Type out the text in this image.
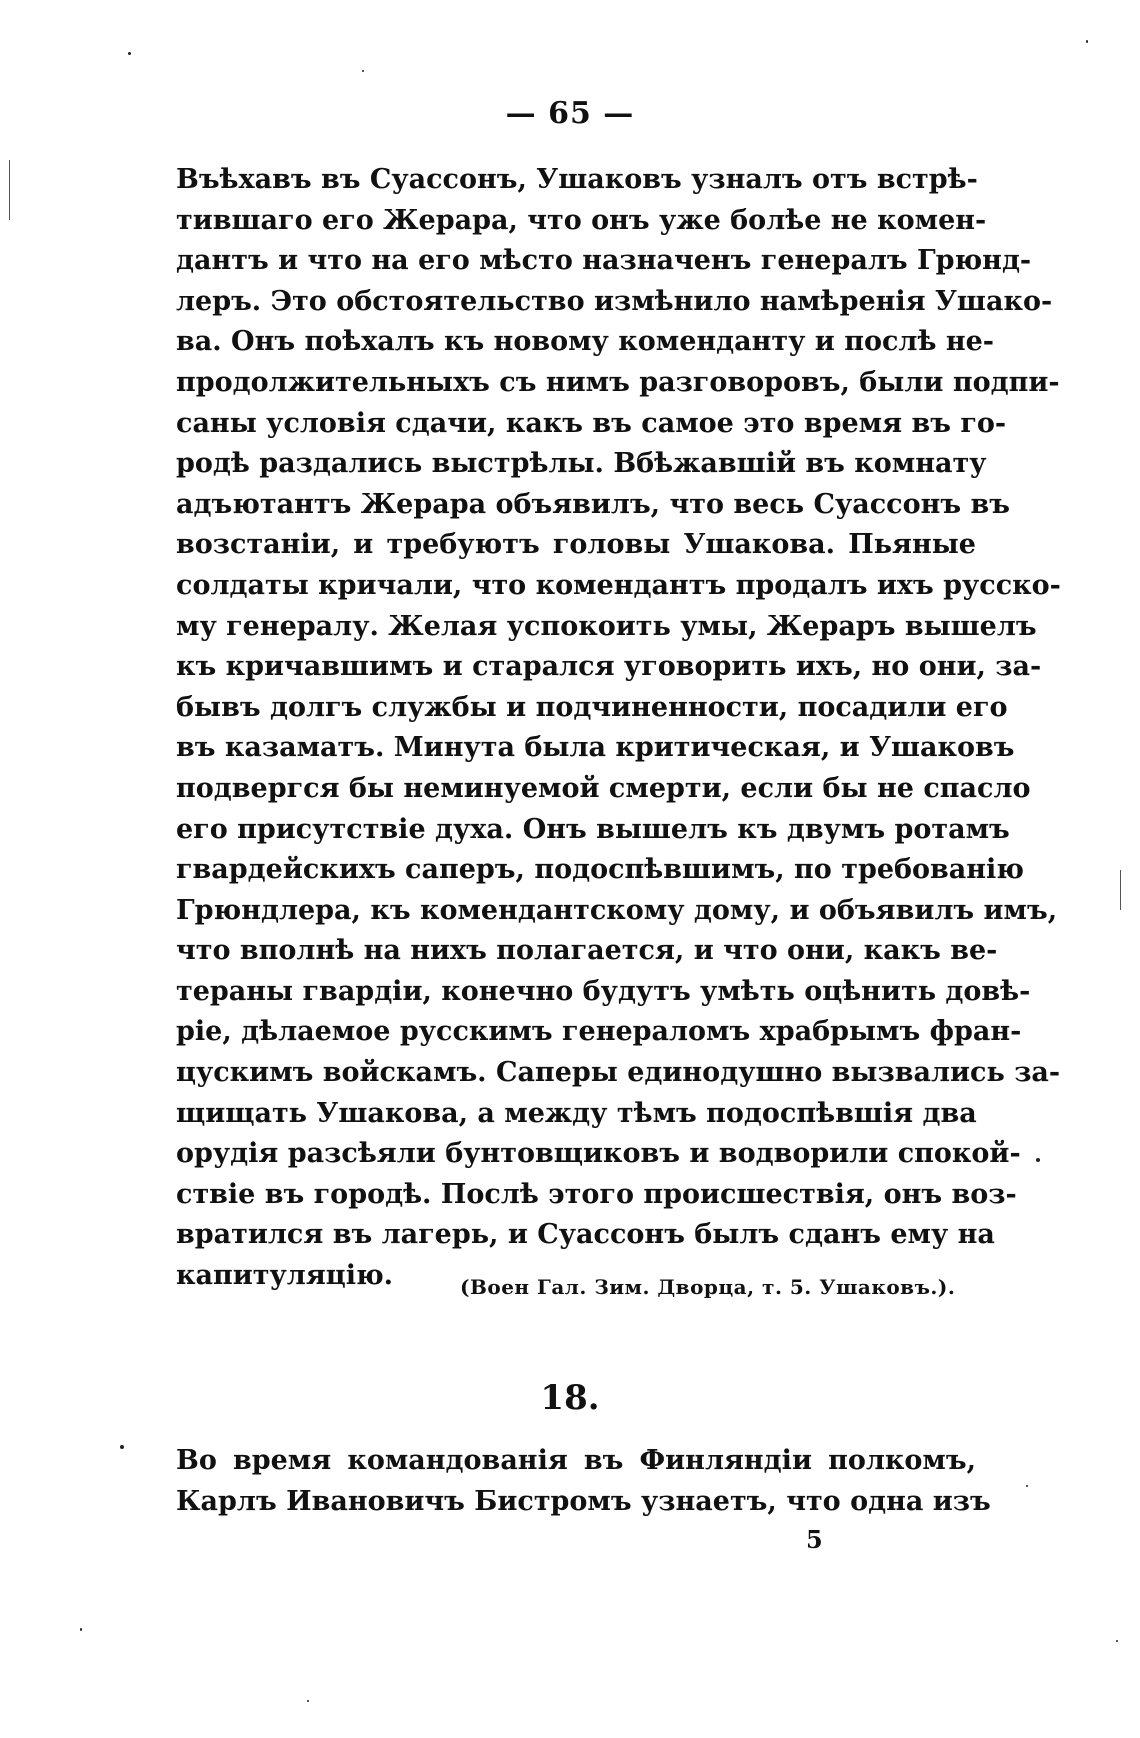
— 65 —
Въѣхавъ въ Суассонъ, Ушаковъ узналъ отъ встрѣ-
тившаго его Жерара, что онъ уже болѣе не комен-
дантъ и что на его мѣсто назначенъ генералъ Грюнд-
леръ. Это обстоятельство измѣнило намѣренія Ушако-
ва. Онъ поѣхалъ къ новому коменданту и послѣ не-
продолжительныхъ съ нимъ разговоровъ, были подпи-
саны условія сдачи, какъ въ самое это время въ го-
родѣ раздались выстрѣлы. Вбѣжавшій въ комнату
адъютантъ Жерара объявилъ, что весь Суассонъ въ
возстаніи, и требуютъ головы Ушакова. Пьяные
солдаты кричали, что комендантъ продалъ ихъ русско-
му генералу. Желая успокоить умы, Жераръ вышелъ
къ кричавшимъ и старался уговорить ихъ, но они, за-
бывъ долгъ службы и подчиненности, посадили его
въ казаматъ. Минута была критическая, и Ушаковъ
подвергся бы неминуемой смерти, если бы не спасло
его присутствіе духа. Онъ вышелъ къ двумъ ротамъ
гвардейскихъ саперъ, подоспѣвшимъ, по требованію
Грюндлера, къ комендантскому дому, и объявилъ имъ,
что вполнѣ на нихъ полагается, и что они, какъ ве-
тераны гвардіи, конечно будутъ умѣть оцѣнить довѣ-
ріе, дѣлаемое русскимъ генераломъ храбрымъ фран-
цускимъ войскамъ. Саперы единодушно вызвались за-
щищать Ушакова, а между тѣмъ подоспѣвшія два
орудія разсѣяли бунтовщиковъ и водворили спокой-
ствіе въ городѣ. Послѣ этого происшествія, онъ воз-
вратился въ лагерь, и Суассонъ былъ сданъ ему на
капитуляцію.	(Воен Гал. Зим. Дворца, т. 5. Ушаковъ.).
18.
Во время командованія въ Финляндіи полкомъ,
Карлъ Ивановичъ Бистромъ узнаетъ, что одна изъ
5
